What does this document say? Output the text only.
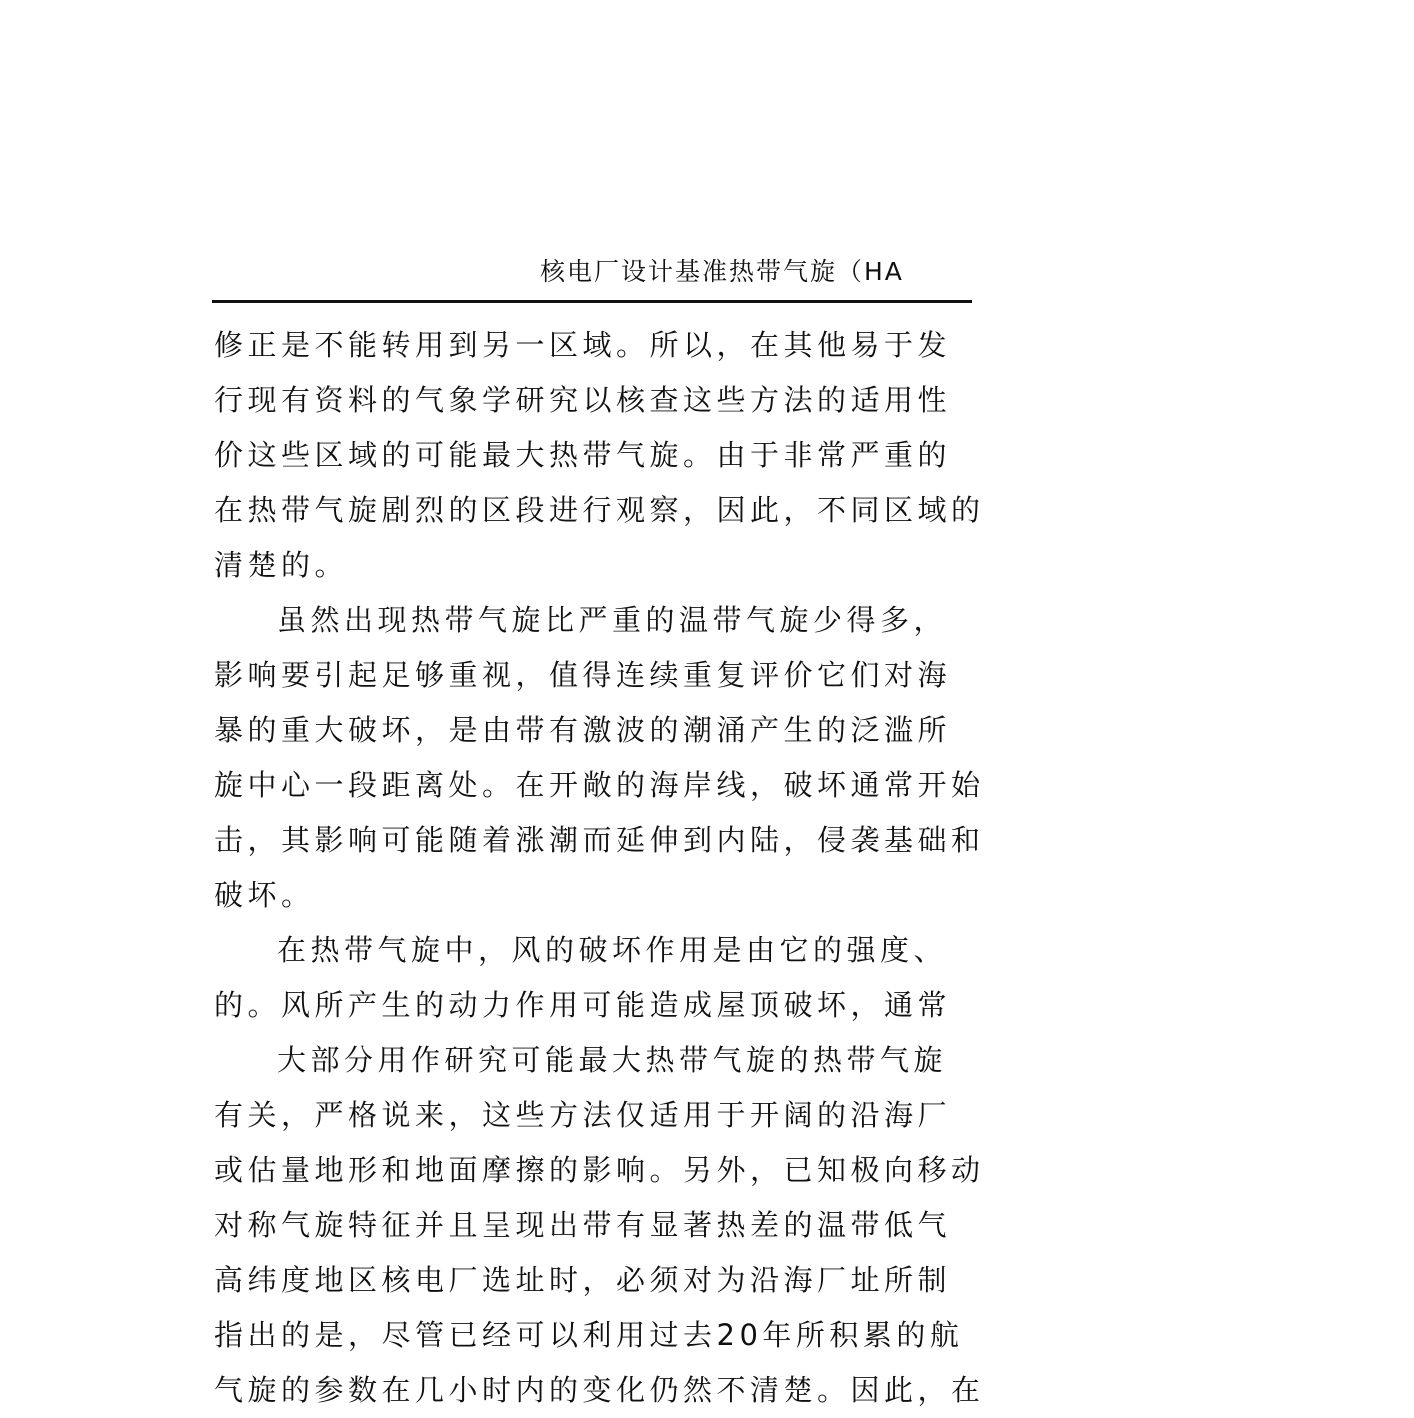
核电厂设计基准热带气旋（HA
修正是不能转用到另一区域。所以，在其他易于发
行现有资料的气象学研究以核查这些方法的适用性
价这些区域的可能最大热带气旋。由于非常严重的
在热带气旋剧烈的区段进行观察，因此，不同区域的
清楚的。
虽然出现热带气旋比严重的温带气旋少得多，
影响要引起足够重视，值得连续重复评价它们对海
暴的重大破坏，是由带有激波的潮涌产生的泛滥所
旋中心一段距离处。在开敞的海岸线，破坏通常开始
击，其影响可能随着涨潮而延伸到内陆，侵袭基础和
破坏。
在热带气旋中，风的破坏作用是由它的强度、
的。风所产生的动力作用可能造成屋顶破坏，通常
大部分用作研究可能最大热带气旋的热带气旋
有关，严格说来，这些方法仅适用于开阔的沿海厂
或估量地形和地面摩擦的影响。另外，已知极向移动
对称气旋特征并且呈现出带有显著热差的温带低气
高纬度地区核电厂选址时，必须对为沿海厂址所制
指出的是，尽管已经可以利用过去20年所积累的航
气旋的参数在几小时内的变化仍然不清楚。因此，在
